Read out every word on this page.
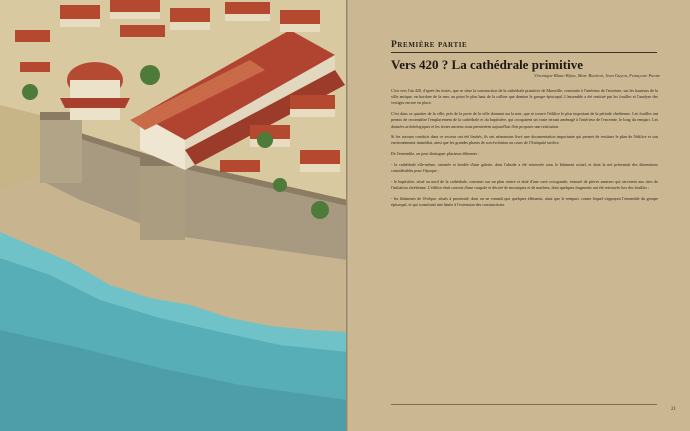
Première partie
Vers 420 ? La cathédrale primitive
Véronique Blanc-Bijon, Marc Bouiron, Jean Guyon, Françoise Paone

C'est vers l'an 420, d'après les textes, que se situe la construction de la cathédrale primitive de Marseille, construite à l'intérieur de l'enceinte, sur les hauteurs de la ville antique, en bordure de la mer, au point le plus haut de la colline que domine le groupe épiscopal. L'ensemble a été restitué par les fouilles et l'analyse des vestiges encore en place.

C'est dans ce quartier de la ville, près de la porte de la ville donnant sur la mer, que se trouve l'édifice le plus important de la période chrétienne. Les fouilles ont permis de reconnaître l'emplacement de la cathédrale et du baptistère, qui occupaient un vaste terrain aménagé à l'intérieur de l'enceinte, le long du rempart. Les données archéologiques et les textes anciens nous permettent aujourd'hui d'en proposer une restitution.

Si les travaux conduits dans ce secteur ont été limités, ils ont néanmoins livré une documentation importante qui permet de restituer le plan de l'édifice et son environnement immédiat, ainsi que les grandes phases de son évolution au cours de l'Antiquité tardive.

De l'ensemble, on peut distinguer plusieurs éléments :

- la cathédrale elle-même, orientée et bordée d'une galerie, dont l'abside a été retrouvée sous le bâtiment actuel, et dont la nef présentait des dimensions considérables pour l'époque ;

- le baptistère, situé au nord de la cathédrale, construit sur un plan centré et doté d'une cuve octogonale, entouré de pièces annexes qui servaient aux rites de l'initiation chrétienne. L'édifice était couvert d'une coupole et décoré de mosaïques et de marbres, dont quelques fragments ont été retrouvés lors des fouilles ;

- les bâtiments de l'évêque, situés à proximité, dont on ne connaît que quelques éléments, ainsi que le rempart, contre lequel s'appuyait l'ensemble du groupe épiscopal, et qui constituait une limite à l'extension des constructions.

21
